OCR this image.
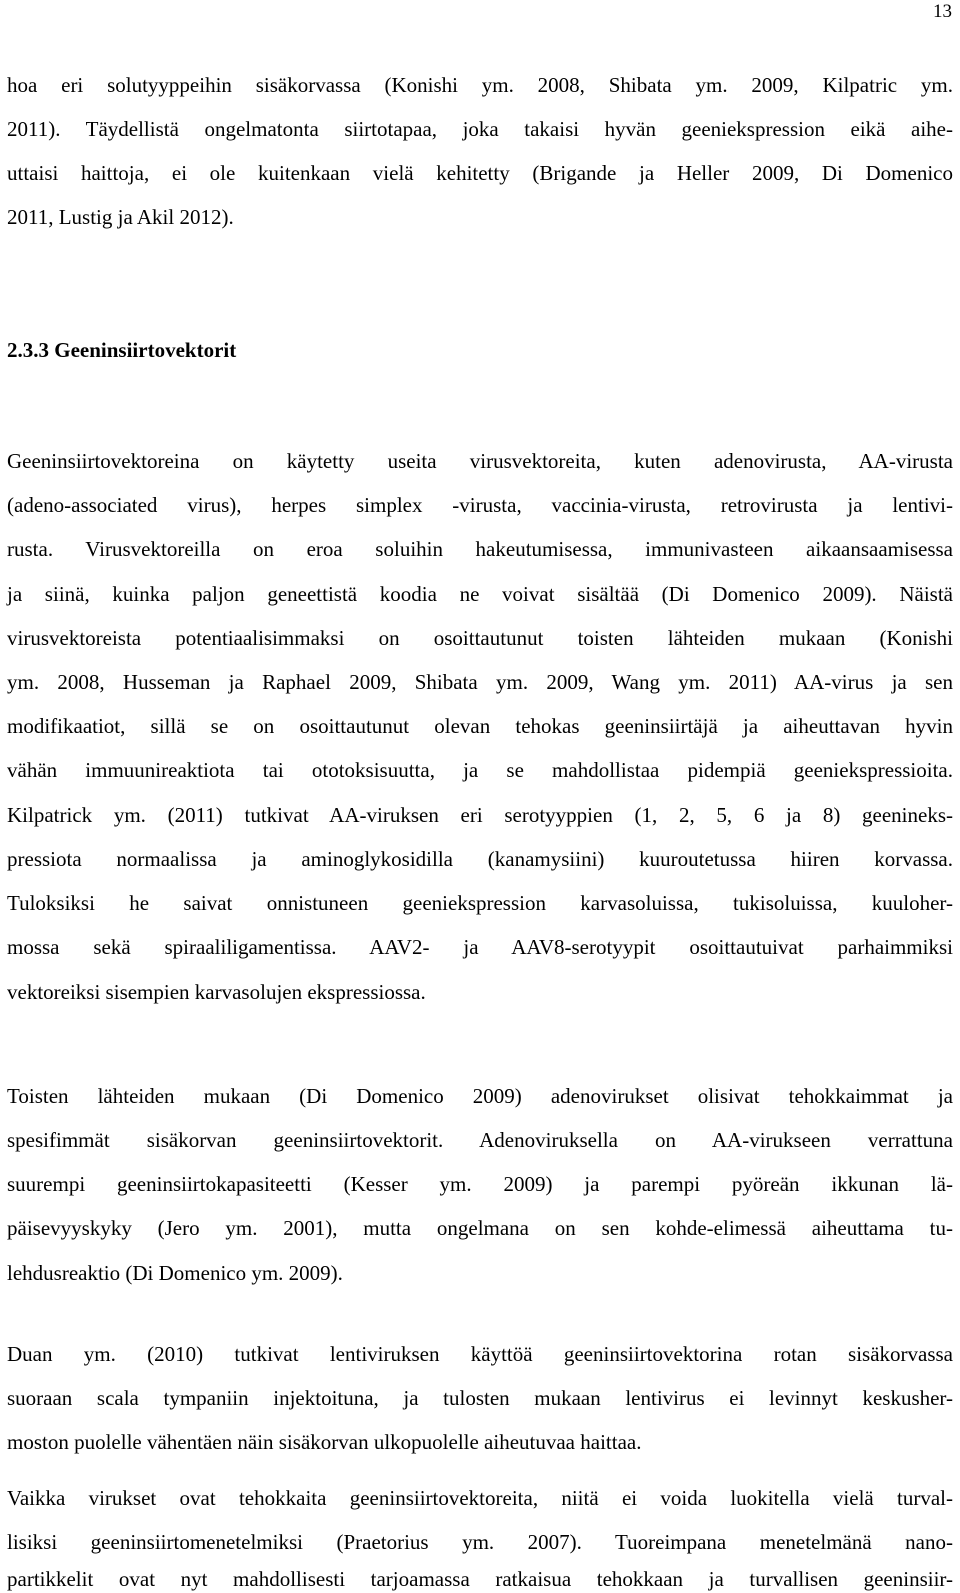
13
hoa eri solutyyppeihin sisäkorvassa (Konishi ym. 2008, Shibata ym. 2009, Kilpatric ym.
2011). Täydellistä ongelmatonta siirtotapaa, joka takaisi hyvän geeniekspression eikä aihe-
uttaisi haittoja, ei ole kuitenkaan vielä kehitetty (Brigande ja Heller 2009, Di Domenico
2011, Lustig ja Akil 2012).
2.3.3 Geeninsiirtovektorit
Geeninsiirtovektoreina on käytetty useita virusvektoreita, kuten adenovirusta, AA-virusta
(adeno-associated virus), herpes simplex -virusta, vaccinia-virusta, retrovirusta ja lentivi-
rusta. Virusvektoreilla on eroa soluihin hakeutumisessa, immunivasteen aikaansaamisessa
ja siinä, kuinka paljon geneettistä koodia ne voivat sisältää (Di Domenico 2009). Näistä
virusvektoreista potentiaalisimmaksi on osoittautunut toisten lähteiden mukaan (Konishi
ym. 2008, Husseman ja Raphael 2009, Shibata ym. 2009, Wang ym. 2011) AA-virus ja sen
modifikaatiot, sillä se on osoittautunut olevan tehokas geeninsiirtäjä ja aiheuttavan hyvin
vähän immuunireaktiota tai ototoksisuutta, ja se mahdollistaa pidempiä geeniekspressioita.
Kilpatrick ym. (2011) tutkivat AA-viruksen eri serotyyppien (1, 2, 5, 6 ja 8) geenineks-
pressiota normaalissa ja aminoglykosidilla (kanamysiini) kuuroutetussa hiiren korvassa.
Tuloksiksi he saivat onnistuneen geeniekspression karvasoluissa, tukisoluissa, kuuloher-
mossa sekä spiraaliligamentissa. AAV2- ja AAV8-serotyypit osoittautuivat parhaimmiksi
vektoreiksi sisempien karvasolujen ekspressiossa.
Toisten lähteiden mukaan (Di Domenico 2009) adenovirukset olisivat tehokkaimmat ja
spesifimmät sisäkorvan geeninsiirtovektorit. Adenoviruksella on AA-virukseen verrattuna
suurempi geeninsiirtokapasiteetti (Kesser ym. 2009) ja parempi pyöreän ikkunan lä-
päisevyyskyky (Jero ym. 2001), mutta ongelmana on sen kohde-elimessä aiheuttama tu-
lehdusreaktio (Di Domenico ym. 2009).
Duan ym. (2010) tutkivat lentiviruksen käyttöä geeninsiirtovektorina rotan sisäkorvassa
suoraan scala tympaniin injektoituna, ja tulosten mukaan lentivirus ei levinnyt keskusher-
moston puolelle vähentäen näin sisäkorvan ulkopuolelle aiheutuvaa haittaa.
Vaikka virukset ovat tehokkaita geeninsiirtovektoreita, niitä ei voida luokitella vielä turval-
lisiksi geeninsiirtomenetelmiksi (Praetorius ym. 2007). Tuoreimpana menetelmänä nano-
partikkelit ovat nyt mahdollisesti tarjoamassa ratkaisua tehokkaan ja turvallisen geeninsiir-
